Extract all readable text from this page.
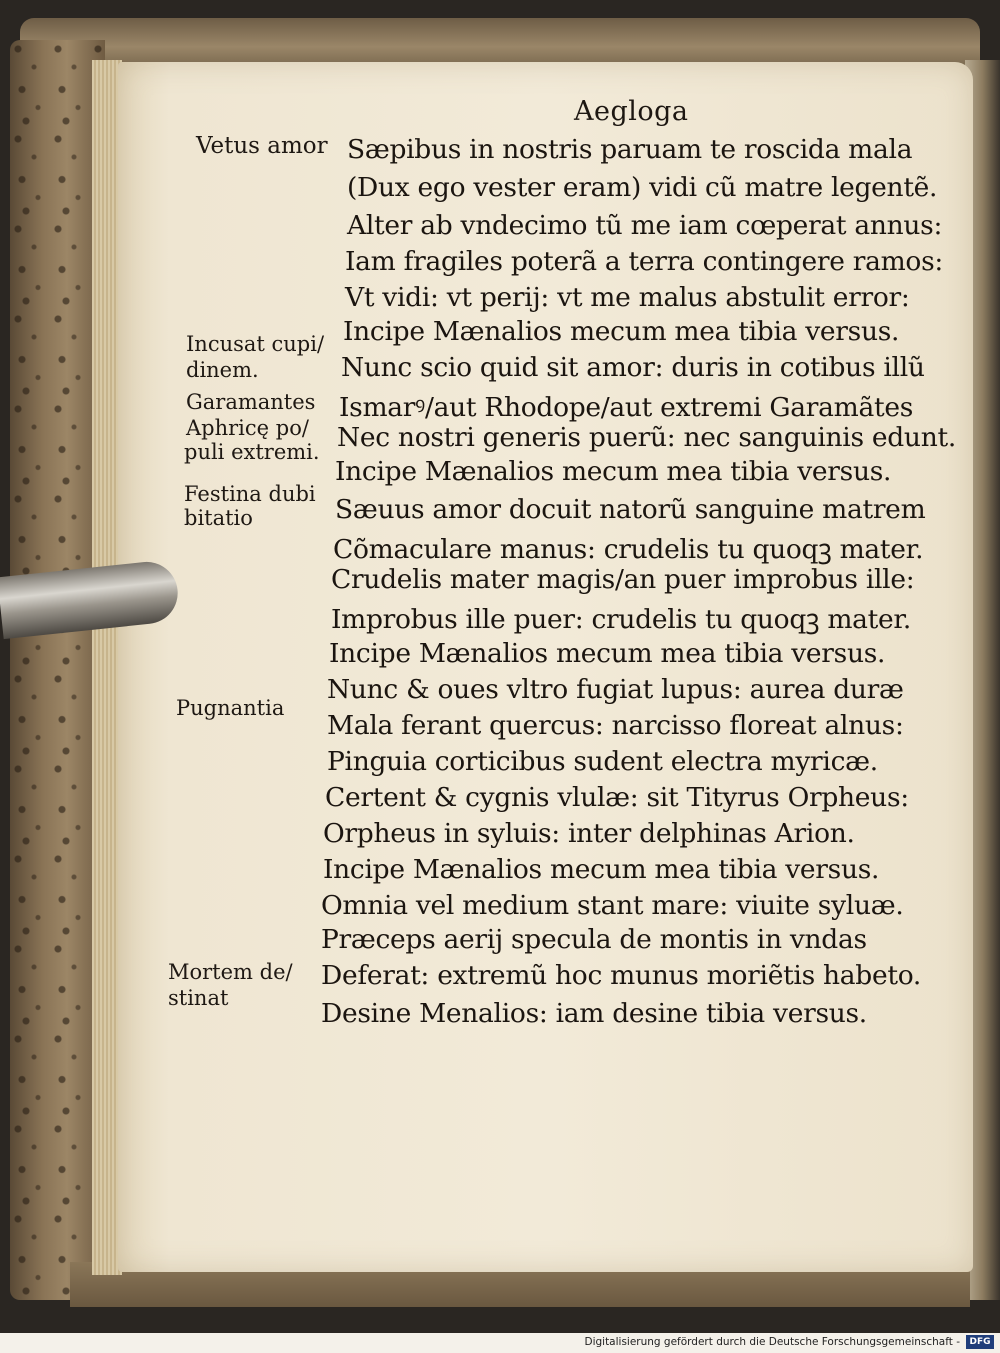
Aegloga
Sæpibus in nostris paruam te roscida mala
(Dux ego vester eram) vidi cũ matre legentẽ.
Alter ab vndecimo tũ me iam cœperat annus:
Iam fragiles poterã a terra contingere ramos:
Vt vidi: vt perij: vt me malus abstulit error:
Incipe Mænalios mecum mea tibia versus.
Nunc scio quid sit amor: duris in cotibus illũ
Ismarꝰ/aut Rhodope/aut extremi Garamãtes
Nec nostri generis puerũ: nec sanguinis edunt.
Incipe Mænalios mecum mea tibia versus.
Sæuus amor docuit natorũ sanguine matrem
Cõmaculare manus: crudelis tu quoqꝫ mater.
Crudelis mater magis/an puer improbus ille:
Improbus ille puer: crudelis tu quoqꝫ mater.
Incipe Mænalios mecum mea tibia versus.
Nunc & oues vltro fugiat lupus: aurea duræ
Mala ferant quercus: narcisso floreat alnus:
Pinguia corticibus sudent electra myricæ.
Certent & cygnis vlulæ: sit Tityrus Orpheus:
Orpheus in syluis: inter delphinas Arion.
Incipe Mænalios mecum mea tibia versus.
Omnia vel medium stant mare: viuite syluæ.
Præceps aerij specula de montis in vndas
Deferat: extremũ hoc munus moriẽtis habeto.
Desine Menalios: iam desine tibia versus.
Vetus amor
Incusat cupi/
dinem.
Garamantes
Aphricę po/
puli extremi.
Festina dubi
bitatio
Pugnantia
Mortem de/
stinat
Digitalisierung gefördert durch die Deutsche Forschungsgemeinschaft -	DFG
